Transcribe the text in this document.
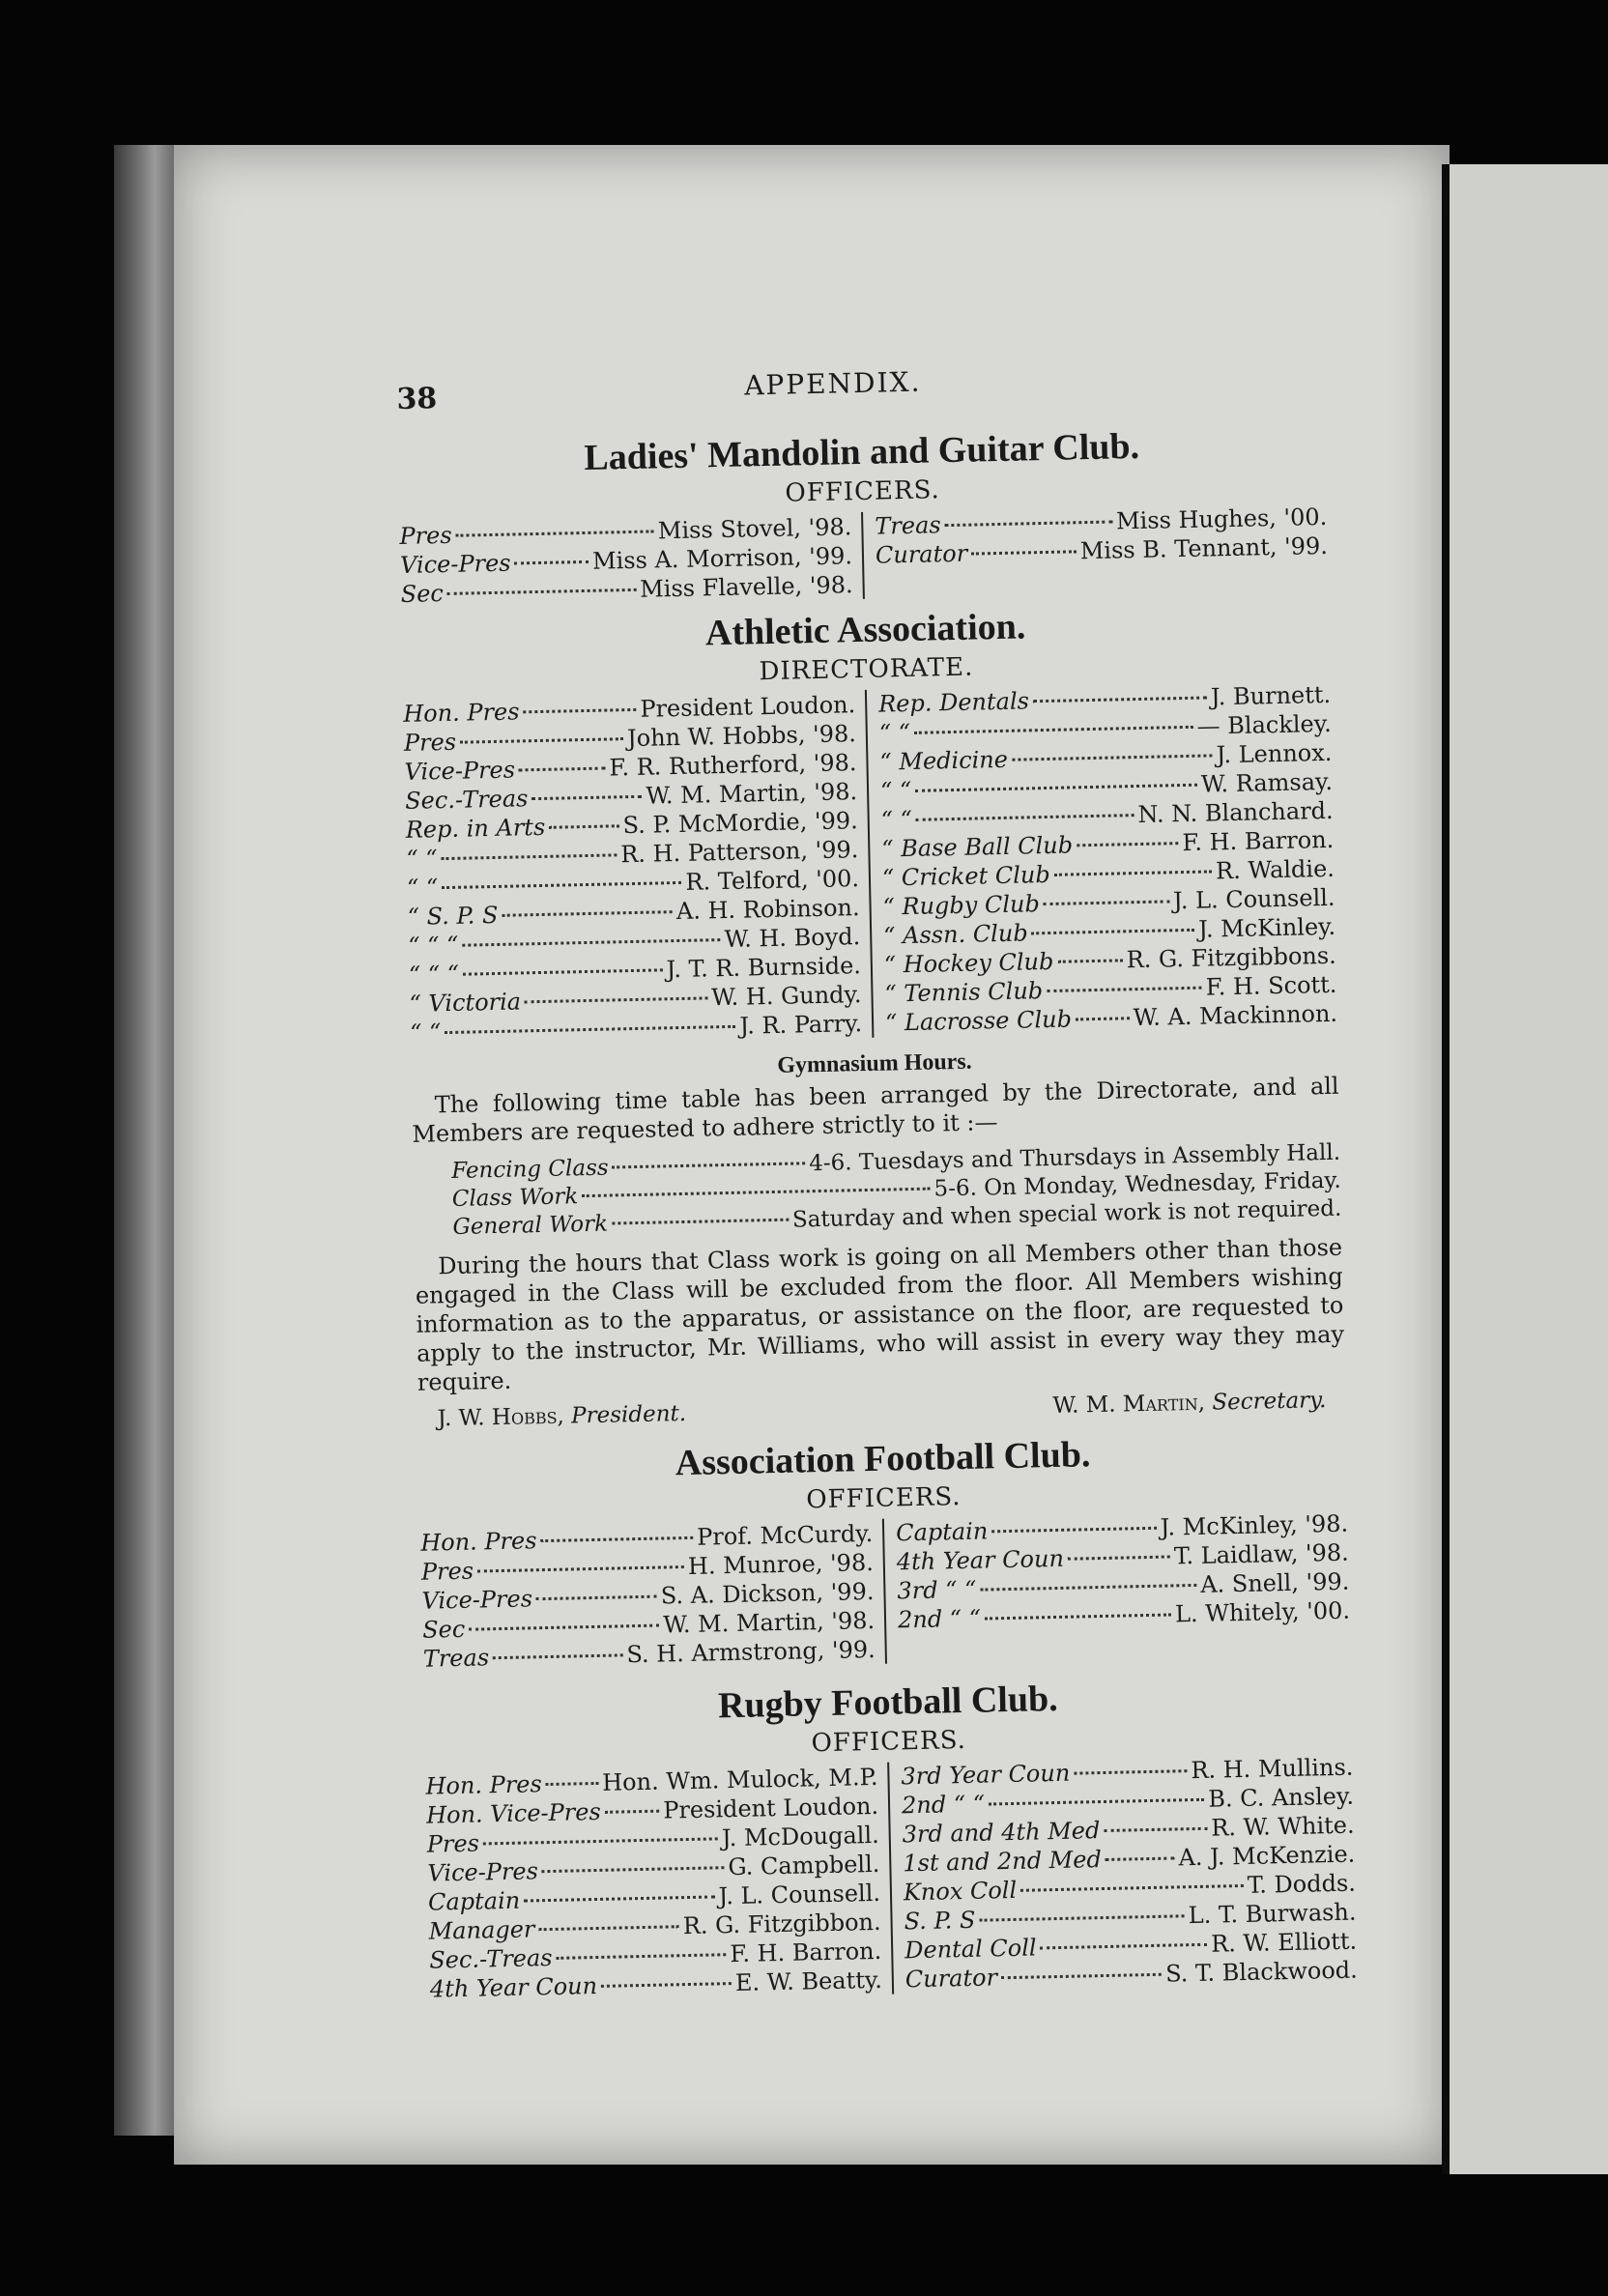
38	APPENDIX.
Ladies' Mandolin and Guitar Club.
OFFICERS.
Pres	Miss Stovel, '98.
Vice-Pres	Miss A. Morrison, '99.
Sec	Miss Flavelle, '98.
Treas	Miss Hughes, '00.
Curator	Miss B. Tennant, '99.
Athletic Association.
DIRECTORATE.
Hon. Pres	President Loudon.
Pres	John W. Hobbs, '98.
Vice-Pres	F. R. Rutherford, '98.
Sec.-Treas	W. M. Martin, '98.
Rep. in Arts	S. P. McMordie, '99.
“ “	R. H. Patterson, '99.
“ “	R. Telford, '00.
“ S. P. S	A. H. Robinson.
“ “ “	W. H. Boyd.
“ “ “	J. T. R. Burnside.
“ Victoria	W. H. Gundy.
“ “	J. R. Parry.
Rep. Dentals	J. Burnett.
“ “	— Blackley.
“ Medicine	J. Lennox.
“ “	W. Ramsay.
“ “	N. N. Blanchard.
“ Base Ball Club	F. H. Barron.
“ Cricket Club	R. Waldie.
“ Rugby Club	J. L. Counsell.
“ Assn. Club	J. McKinley.
“ Hockey Club	R. G. Fitzgibbons.
“ Tennis Club	F. H. Scott.
“ Lacrosse Club	W. A. Mackinnon.
Gymnasium Hours.

The following time table has been arranged by the Directorate, and all Members are requested to adhere strictly to it :—

Fencing Class	4-6.
Tuesdays and Thursdays in Assembly Hall.
Class Work	5-6.
On Monday, Wednesday, Friday.
General Work	Saturday and when special work is not required.

During the hours that Class work is going on all Members other than those engaged in the Class will be excluded from the floor. All Members wishing information as to the apparatus, or assistance on the floor, are requested to apply to the instructor, Mr. Williams, who will assist in every way they may require.

J. W. Hobbs, President.	W. M. Martin, Secretary.
Association Football Club.
OFFICERS.
Hon. Pres	Prof. McCurdy.
Pres	H. Munroe, '98.
Vice-Pres	S. A. Dickson, '99.
Sec	W. M. Martin, '98.
Treas	S. H. Armstrong, '99.
Captain	J. McKinley, '98.
4th Year Coun	T. Laidlaw, '98.
3rd “ “	A. Snell, '99.
2nd “ “	L. Whitely, '00.
Rugby Football Club.
OFFICERS.
Hon. Pres	Hon. Wm. Mulock, M.P.
Hon. Vice-Pres	President Loudon.
Pres	J. McDougall.
Vice-Pres	G. Campbell.
Captain	J. L. Counsell.
Manager	R. G. Fitzgibbon.
Sec.-Treas	F. H. Barron.
4th Year Coun	E. W. Beatty.
3rd Year Coun	R. H. Mullins.
2nd “ “	B. C. Ansley.
3rd and 4th Med	R. W. White.
1st and 2nd Med	A. J. McKenzie.
Knox Coll	T. Dodds.
S. P. S	L. T. Burwash.
Dental Coll	R. W. Elliott.
Curator	S. T. Blackwood.
